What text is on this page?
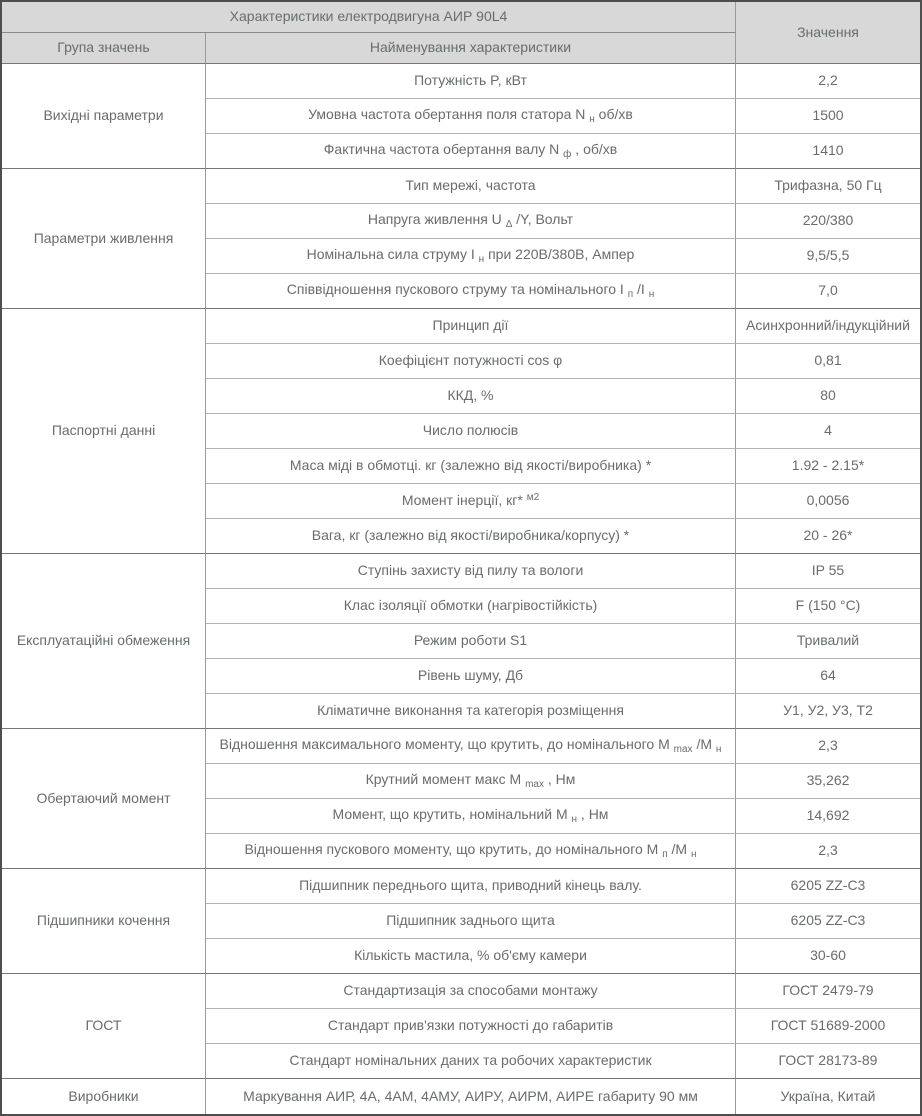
Характеристики електродвигуна АИР 90L4		Значення
Група значень	Найменування характеристики	
Вихідні параметри	Потужність P, кВт	2,2
	Умовна частота обертання поля статора N $_н$ об/хв	1500
	Фактична частота обертання валу N $_ф$ , об/хв	1410
Параметри живлення	Тип мережі, частота	Трифазна, 50 Гц
	Напруга живлення U $_\Delta$ /Y, Вольт	220/380
	Номінальна сила струму I $_н$ при 220В/380В, Ампер	9,5/5,5
	Співвідношення пускового струму та номінального I $_п$ /I $_н$	7,0
Паспортні данні	Принцип дії	Асинхронний/індукційний
	Коефіцієнт потужності cos φ	0,81
	ККД, %	80
	Число полюсів	4
	Маса міді в обмотці. кг (залежно від якості/виробника) *	1.92 - 2.15*
	Момент інерції, кг* $^{м2}$	0,0056
	Вага, кг (залежно від якості/виробника/корпусу) *	20 - 26*
Експлуатаційні обмеження	Ступінь захисту від пилу та вологи	IP 55
	Клас ізоляції обмотки (нагрівостійкість)	F (150 °C)
	Режим роботи S1	Тривалий
	Рівень шуму, Дб	64
	Кліматичне виконання та категорія розміщення	У1, У2, У3, Т2
Обертаючий момент	Відношення максимального моменту, що крутить, до номінального M $_{max}$ /М $_н$	2,3
	Крутний момент макс M $_{max}$ , Нм	35,262
	Момент, що крутить, номінальний M $_н$ , Нм	14,692
	Відношення пускового моменту, що крутить, до номінального M $_п$ /М $_н$	2,3
Підшипники кочення	Підшипник переднього щита, приводний кінець валу.	6205 ZZ-C3
	Підшипник заднього щита	6205 ZZ-C3
	Кількість мастила, % об'єму камери	30-60
ГОСТ	Стандартизація за способами монтажу	ГОСТ 2479-79
	Стандарт прив'язки потужності до габаритів	ГОСТ 51689-2000
	Стандарт номінальних даних та робочих характеристик	ГОСТ 28173-89
Виробники	Маркування АИР, 4А, 4АМ, 4АМУ, АИРУ, АИРМ, АИРЕ габариту 90 мм	Україна, Китай
